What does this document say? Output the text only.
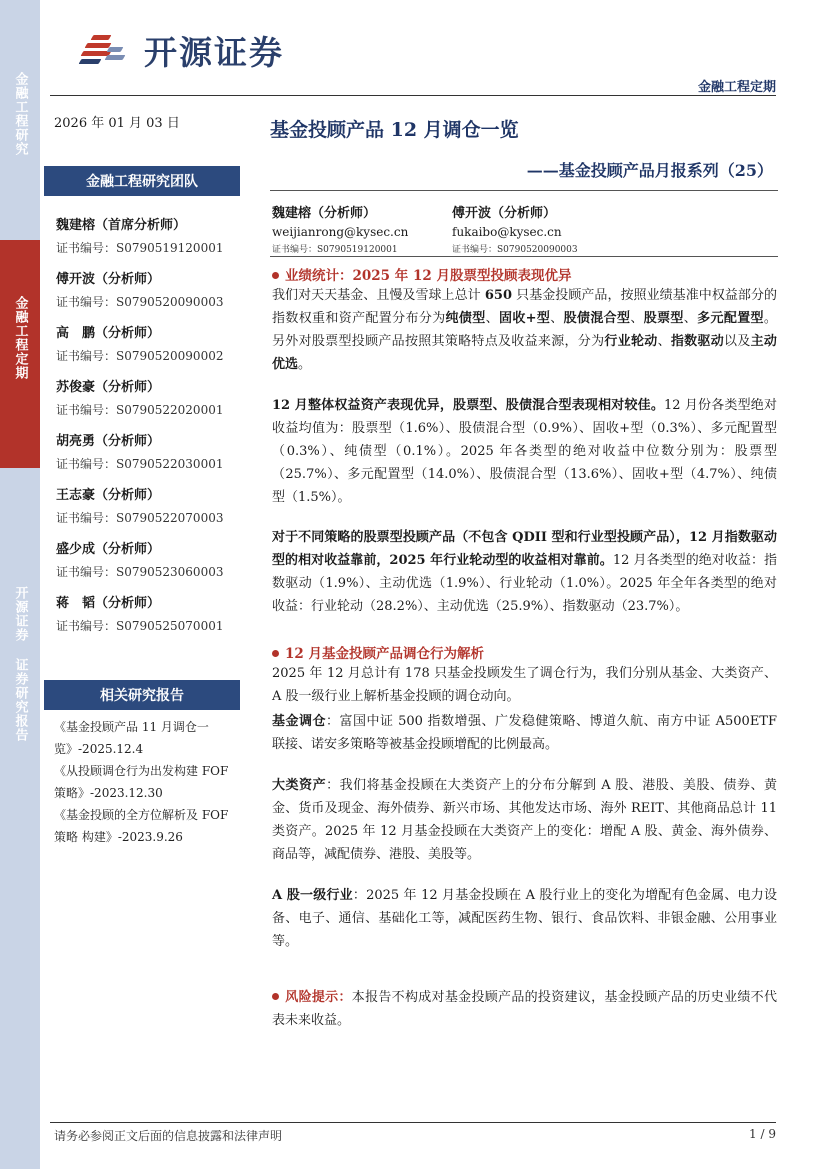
金融工程研究
金融工程定期
开源证券 证券研究报告
开源证券
金融工程定期
2026 年 01 月 03 日
金融工程研究团队
魏建榕（首席分析师）
证书编号：S0790519120001
傅开波（分析师）
证书编号：S0790520090003
高　鹏（分析师）
证书编号：S0790520090002
苏俊豪（分析师）
证书编号：S0790522020001
胡亮勇（分析师）
证书编号：S0790522030001
王志豪（分析师）
证书编号：S0790522070003
盛少成（分析师）
证书编号：S0790523060003
蒋　韬（分析师）
证书编号：S0790525070001
相关研究报告
《基金投顾产品 11 月调仓一览》-2025.12.4
《从投顾调仓行为出发构建 FOF 策略》-2023.12.30
《基金投顾的全方位解析及 FOF 策略 构建》-2023.9.26
基金投顾产品 12 月调仓一览
——基金投顾产品月报系列（25）
魏建榕（分析师）
weijianrong@kysec.cn
证书编号：S0790519120001
傅开波（分析师）
fukaibo@kysec.cn
证书编号：S0790520090003
业绩统计：2025 年 12 月股票型投顾表现优异
我们对天天基金、且慢及雪球上总计 650 只基金投顾产品，按照业绩基准中权益部分的指数权重和资产配置分布分为纯债型、固收+型、股债混合型、股票型、多元配置型。另外对股票型投顾产品按照其策略特点及收益来源，分为行业轮动、指数驱动以及主动优选。
12 月整体权益资产表现优异，股票型、股债混合型表现相对较佳。12 月份各类型绝对收益均值为：股票型（1.6%）、股债混合型（0.9%）、固收+型（0.3%）、多元配置型（0.3%）、纯债型（0.1%）。2025 年各类型的绝对收益中位数分别为：股票型（25.7%）、多元配置型（14.0%）、股债混合型（13.6%）、固收+型（4.7%）、纯债型（1.5%）。
对于不同策略的股票型投顾产品（不包含 QDII 型和行业型投顾产品），12 月指数驱动型的相对收益靠前，2025 年行业轮动型的收益相对靠前。12 月各类型的绝对收益：指数驱动（1.9%）、主动优选（1.9%）、行业轮动（1.0%）。2025 年全年各类型的绝对收益：行业轮动（28.2%）、主动优选（25.9%）、指数驱动（23.7%）。
12 月基金投顾产品调仓行为解析
2025 年 12 月总计有 178 只基金投顾发生了调仓行为，我们分别从基金、大类资产、A 股一级行业上解析基金投顾的调仓动向。
基金调仓：富国中证 500 指数增强、广发稳健策略、博道久航、南方中证 A500ETF 联接、诺安多策略等被基金投顾增配的比例最高。
大类资产：我们将基金投顾在大类资产上的分布分解到 A 股、港股、美股、债券、黄金、货币及现金、海外债券、新兴市场、其他发达市场、海外 REIT、其他商品总计 11 类资产。2025 年 12 月基金投顾在大类资产上的变化：增配 A 股、黄金、海外债券、商品等，减配债券、港股、美股等。
A 股一级行业：2025 年 12 月基金投顾在 A 股行业上的变化为增配有色金属、电力设备、电子、通信、基础化工等，减配医药生物、银行、食品饮料、非银金融、公用事业等。
风险提示：本报告不构成对基金投顾产品的投资建议，基金投顾产品的历史业绩不代表未来收益。
请务必参阅正文后面的信息披露和法律声明	1 / 9
